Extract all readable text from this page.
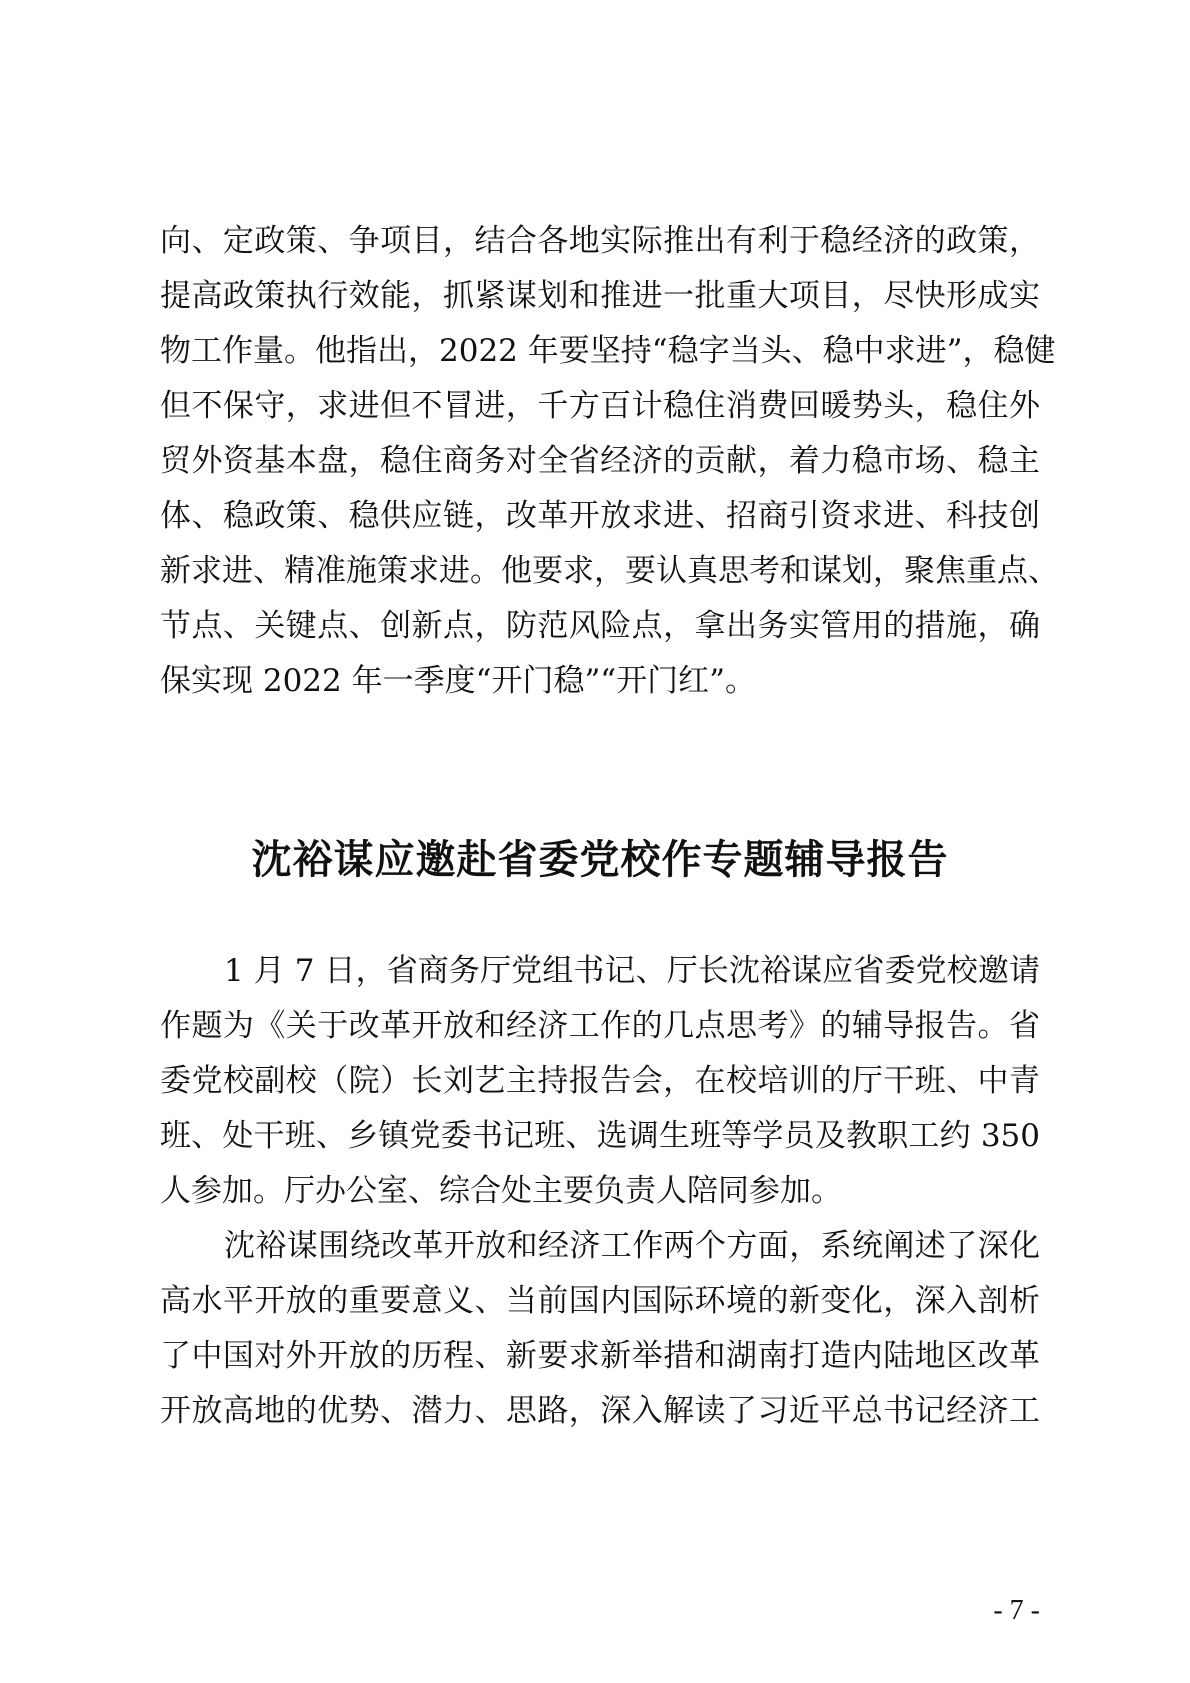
向、定政策、争项目，结合各地实际推出有利于稳经济的政策，
提高政策执行效能，抓紧谋划和推进一批重大项目，尽快形成实
物工作量。他指出，2022 年要坚持“稳字当头、稳中求进”，稳健
但不保守，求进但不冒进，千方百计稳住消费回暖势头，稳住外
贸外资基本盘，稳住商务对全省经济的贡献，着力稳市场、稳主
体、稳政策、稳供应链，改革开放求进、招商引资求进、科技创
新求进、精准施策求进。他要求，要认真思考和谋划，聚焦重点、
节点、关键点、创新点，防范风险点，拿出务实管用的措施，确
保实现 2022 年一季度“开门稳”“开门红”。
沈裕谋应邀赴省委党校作专题辅导报告
1 月 7 日，省商务厅党组书记、厅长沈裕谋应省委党校邀请
作题为《关于改革开放和经济工作的几点思考》的辅导报告。省
委党校副校（院）长刘艺主持报告会，在校培训的厅干班、中青
班、处干班、乡镇党委书记班、选调生班等学员及教职工约 350
人参加。厅办公室、综合处主要负责人陪同参加。
沈裕谋围绕改革开放和经济工作两个方面，系统阐述了深化
高水平开放的重要意义、当前国内国际环境的新变化，深入剖析
了中国对外开放的历程、新要求新举措和湖南打造内陆地区改革
开放高地的优势、潜力、思路，深入解读了习近平总书记经济工
- 7 -
